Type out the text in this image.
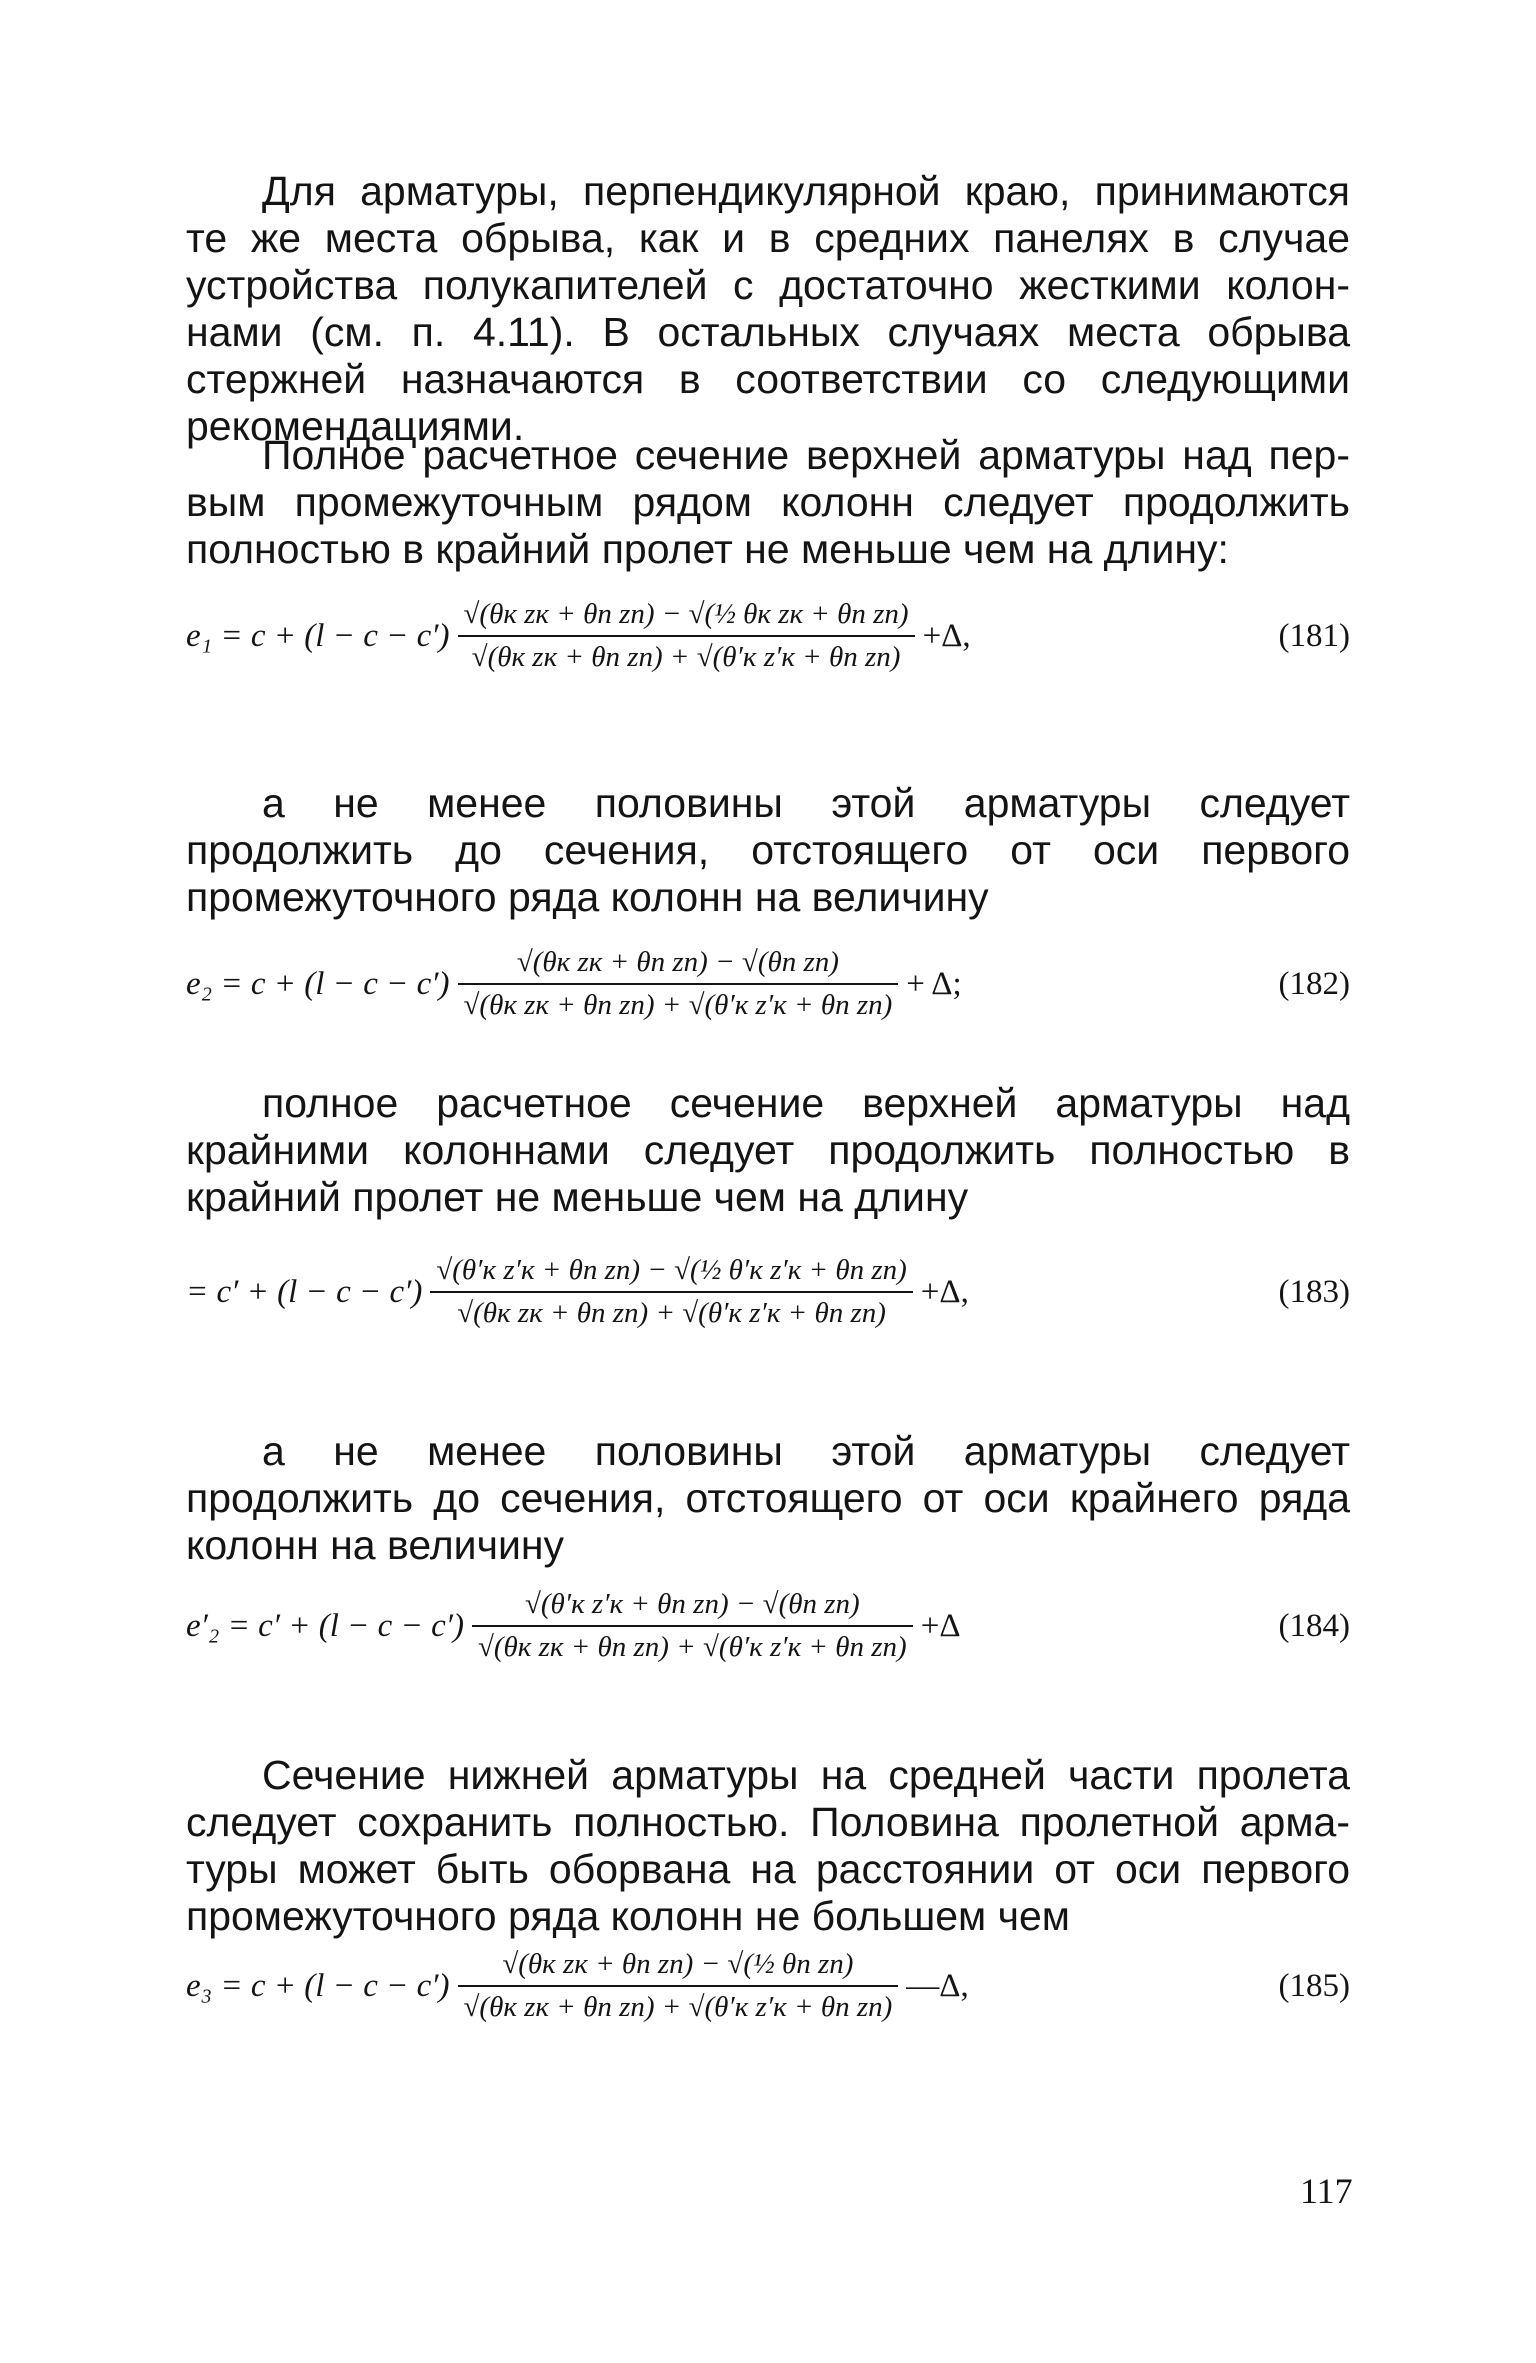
Для арматуры, перпендикулярной краю, принимаются те же места обрыва, как и в средних панелях в случае устройства полукапителей с достаточно жесткими колоннами (см. п. 4.11). В остальных случаях места обрыва стержней назначаются в соответствии со следующими рекомендациями.

Полное расчетное сечение верхней арматуры над первым промежуточным рядом колонн следует продолжить полностью в крайний пролет не меньше чем на длину:

$e_1 = c + (l - c - c') \frac{\text{√(θк zк + θп zп) − √(½ θк zк + θп zп)}}{\text{√(θк zк + θп zп) + √(θ′к z′к + θп zп)}} +\Delta$,	(181)

а не менее половины этой арматуры следует продолжить до сечения, отстоящего от оси первого промежуточного ряда колонн на величину

$e_2 = c + (l - c - c') \frac{\text{√(θк zк + θп zп) − √(θп zп)}}{\text{√(θк zк + θп zп) + √(θ′к z′к + θп zп)}} + \Delta$;	(182)

полное расчетное сечение верхней арматуры над крайними колоннами следует продолжить полностью в крайний пролет не меньше чем на длину

= $c' + (l - c - c') \frac{\text{√(θ′к z′к + θп zп) − √(½ θ′к z′к + θп zп)}}{\text{√(θк zк + θп zп) + √(θ′к z′к + θп zп)}} +\Delta$,	(183)

а не менее половины этой арматуры следует продолжить до сечения, отстоящего от оси крайнего ряда колонн на величину

$e'_2 = c' + (l - c - c') \frac{\text{√(θ′к z′к + θп zп) − √(θп zп)}}{\text{√(θк zк + θп zп) + √(θ′к z′к + θп zп)}} +\Delta$	(184)

Сечение нижней арматуры на средней части пролета следует сохранить полностью. Половина пролетной арматуры может быть оборвана на расстоянии от оси первого промежуточного ряда колонн не большем чем

$e_3 = c + (l - c - c') \frac{\text{√(θк zк + θп zп) − √(½ θп zп)}}{\text{√(θк zк + θп zп) + √(θ′к z′к + θп zп)}}$ —Δ,	(185)
117
